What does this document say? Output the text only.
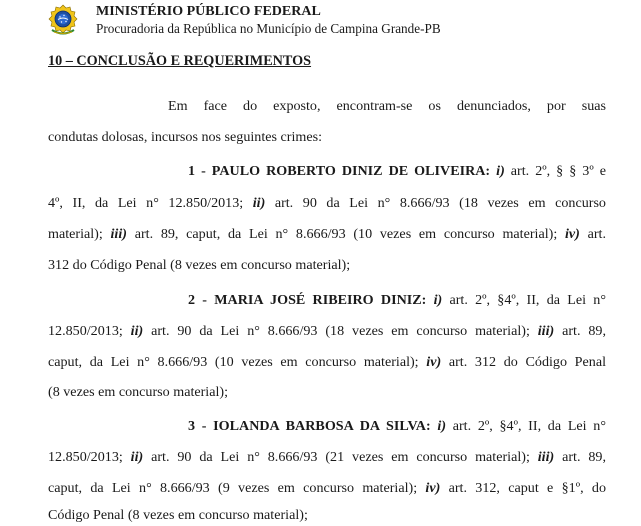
MINISTÉRIO PÚBLICO FEDERAL
Procuradoria da República no Município de Campina Grande-PB
10 – CONCLUSÃO E REQUERIMENTOS
Em face do exposto, encontram-se os denunciados, por suas
condutas dolosas, incursos nos seguintes crimes:
1 - PAULO ROBERTO DINIZ DE OLIVEIRA: i) art. 2º, § § 3º e
4º, II, da Lei n° 12.850/2013; ii) art. 90 da Lei n° 8.666/93 (18 vezes em concurso
material); iii) art. 89, caput, da Lei n° 8.666/93 (10 vezes em concurso material); iv) art.
312 do Código Penal (8 vezes em concurso material);
2 - MARIA JOSÉ RIBEIRO DINIZ: i) art. 2º, §4º, II, da Lei n°
12.850/2013; ii) art. 90 da Lei n° 8.666/93 (18 vezes em concurso material); iii) art. 89,
caput, da Lei n° 8.666/93 (10 vezes em concurso material); iv) art. 312 do Código Penal
(8 vezes em concurso material);
3 - IOLANDA BARBOSA DA SILVA: i) art. 2º, §4º, II, da Lei n°
12.850/2013; ii) art. 90 da Lei n° 8.666/93 (21 vezes em concurso material); iii) art. 89,
caput, da Lei n° 8.666/93 (9 vezes em concurso material); iv) art. 312, caput e §1º, do
Código Penal (8 vezes em concurso material);
